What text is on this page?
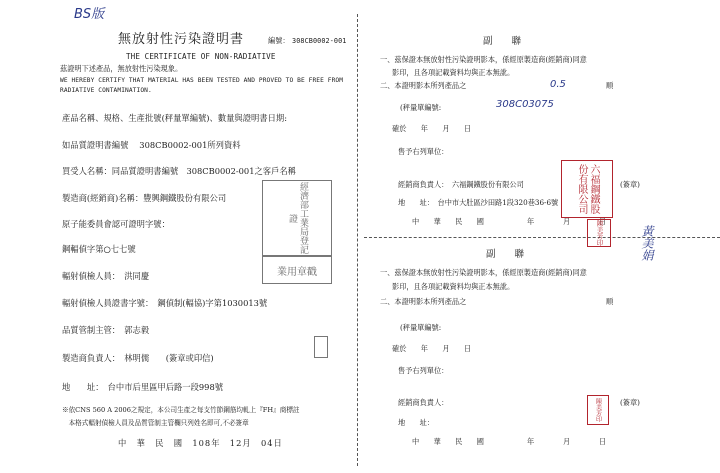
BS版
無放射性污染證明書	編號： 308CB0002-001
THE CERTIFICATE OF NON-RADIATIVE
茲證明下述產品，無放射性污染現象。
WE HEREBY CERTIFY THAT MATERIAL HAS BEEN TESTED AND PROVED TO BE FREE FROM
RADIATIVE CONTAMINATION.
產品名稱、規格、生產批號(秤量單編號)、數量與證明書日期:
如品質證明書編號　 308CB0002-001所列資料
買受人名稱：同品質證明書編號　308CB0002-001之客戶名稱
製造商(經銷商)名稱：豐興鋼鐵股份有限公司
原子能委員會認可證明字號：
鋼輻偵字第○七七號
輻射偵檢人員：　洪同慶
輻射偵檢人員證書字號：　鋼偵制(輻協)字第1030013號
品質管制主管：　郭志毅
製造商負責人：　林明儒　　(簽章或印信)
地　　址：　台中市后里區甲后路一段998號
※依CNS 560 A 2006之規定，本公司生產之每支竹節鋼筋均軋上『FH』商標註
　本格式輻射偵檢人員及品質管制主管欄只列姓名即可,不必簽章
中　華　民　國　108年　12月　04日
經濟部工業局登記證
業用章戳
副　　聯
一、茲保證本無放射性污染證明影本，係經原製造商(經銷商)同意
影印，且各項記載資料均與正本無訛。
二、本證明影本所列產品之	0.5	順
(秤量單編號:	308C03075
確於　　年　　月　　日
售予右列單位：
經銷商負責人：　六福鋼鐵股份有限公司	(簽章)
地　　址：　台中市大肚區沙田路1段320巷36-6號
中　　華　　民　　國　　　　　　年　　　　月　　　　日
六福鋼鐵股份有限公司
陳美芳印	黃美娟
副　　聯
一、茲保證本無放射性污染證明影本，係經原製造商(經銷商)同意
影印，且各項記載資料均與正本無訛。
二、本證明影本所列產品之	順
(秤量單編號:
確於　　年　　月　　日
售予右列單位：
經銷商負責人：	(簽章)
地　　址：
中　　華　　民　　國　　　　　　年　　　　月　　　　日
陳美芳印
